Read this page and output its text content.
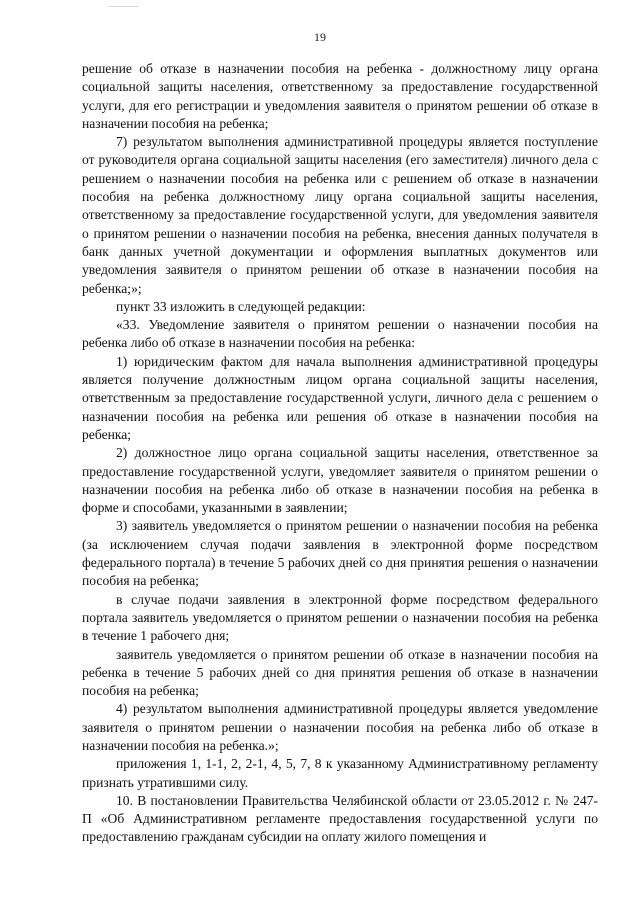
19

решение об отказе в назначении пособия на ребенка - должностному лицу органа социальной защиты населения, ответственному за предоставление государственной услуги, для его регистрации и уведомления заявителя о принятом решении об отказе в назначении пособия на ребенка;

7) результатом выполнения административной процедуры является поступление от руководителя органа социальной защиты населения (его заместителя) личного дела с решением о назначении пособия на ребенка или с решением об отказе в назначении пособия на ребенка должностному лицу органа социальной защиты населения, ответственному за предоставление государственной услуги, для уведомления заявителя о принятом решении о назначении пособия на ребенка, внесения данных получателя в банк данных учетной документации и оформления выплатных документов или уведомления заявителя о принятом решении об отказе в назначении пособия на ребенка;»;

пункт 33 изложить в следующей редакции:

«33. Уведомление заявителя о принятом решении о назначении пособия на ребенка либо об отказе в назначении пособия на ребенка:

1) юридическим фактом для начала выполнения административной процедуры является получение должностным лицом органа социальной защиты населения, ответственным за предоставление государственной услуги, личного дела с решением о назначении пособия на ребенка или решения об отказе в назначении пособия на ребенка;

2) должностное лицо органа социальной защиты населения, ответственное за предоставление государственной услуги, уведомляет заявителя о принятом решении о назначении пособия на ребенка либо об отказе в назначении пособия на ребенка в форме и способами, указанными в заявлении;

3) заявитель уведомляется о принятом решении о назначении пособия на ребенка (за исключением случая подачи заявления в электронной форме посредством федерального портала) в течение 5 рабочих дней со дня принятия решения о назначении пособия на ребенка;

в случае подачи заявления в электронной форме посредством федерального портала заявитель уведомляется о принятом решении о назначении пособия на ребенка в течение 1 рабочего дня;

заявитель уведомляется о принятом решении об отказе в назначении пособия на ребенка в течение 5 рабочих дней со дня принятия решения об отказе в назначении пособия на ребенка;

4) результатом выполнения административной процедуры является уведомление заявителя о принятом решении о назначении пособия на ребенка либо об отказе в назначении пособия на ребенка.»;

приложения 1, 1-1, 2, 2-1, 4, 5, 7, 8 к указанному Административному регламенту признать утратившими силу.

10. В постановлении Правительства Челябинской области от 23.05.2012 г. № 247-П «Об Административном регламенте предоставления государственной услуги по предоставлению гражданам субсидии на оплату жилого помещения и
